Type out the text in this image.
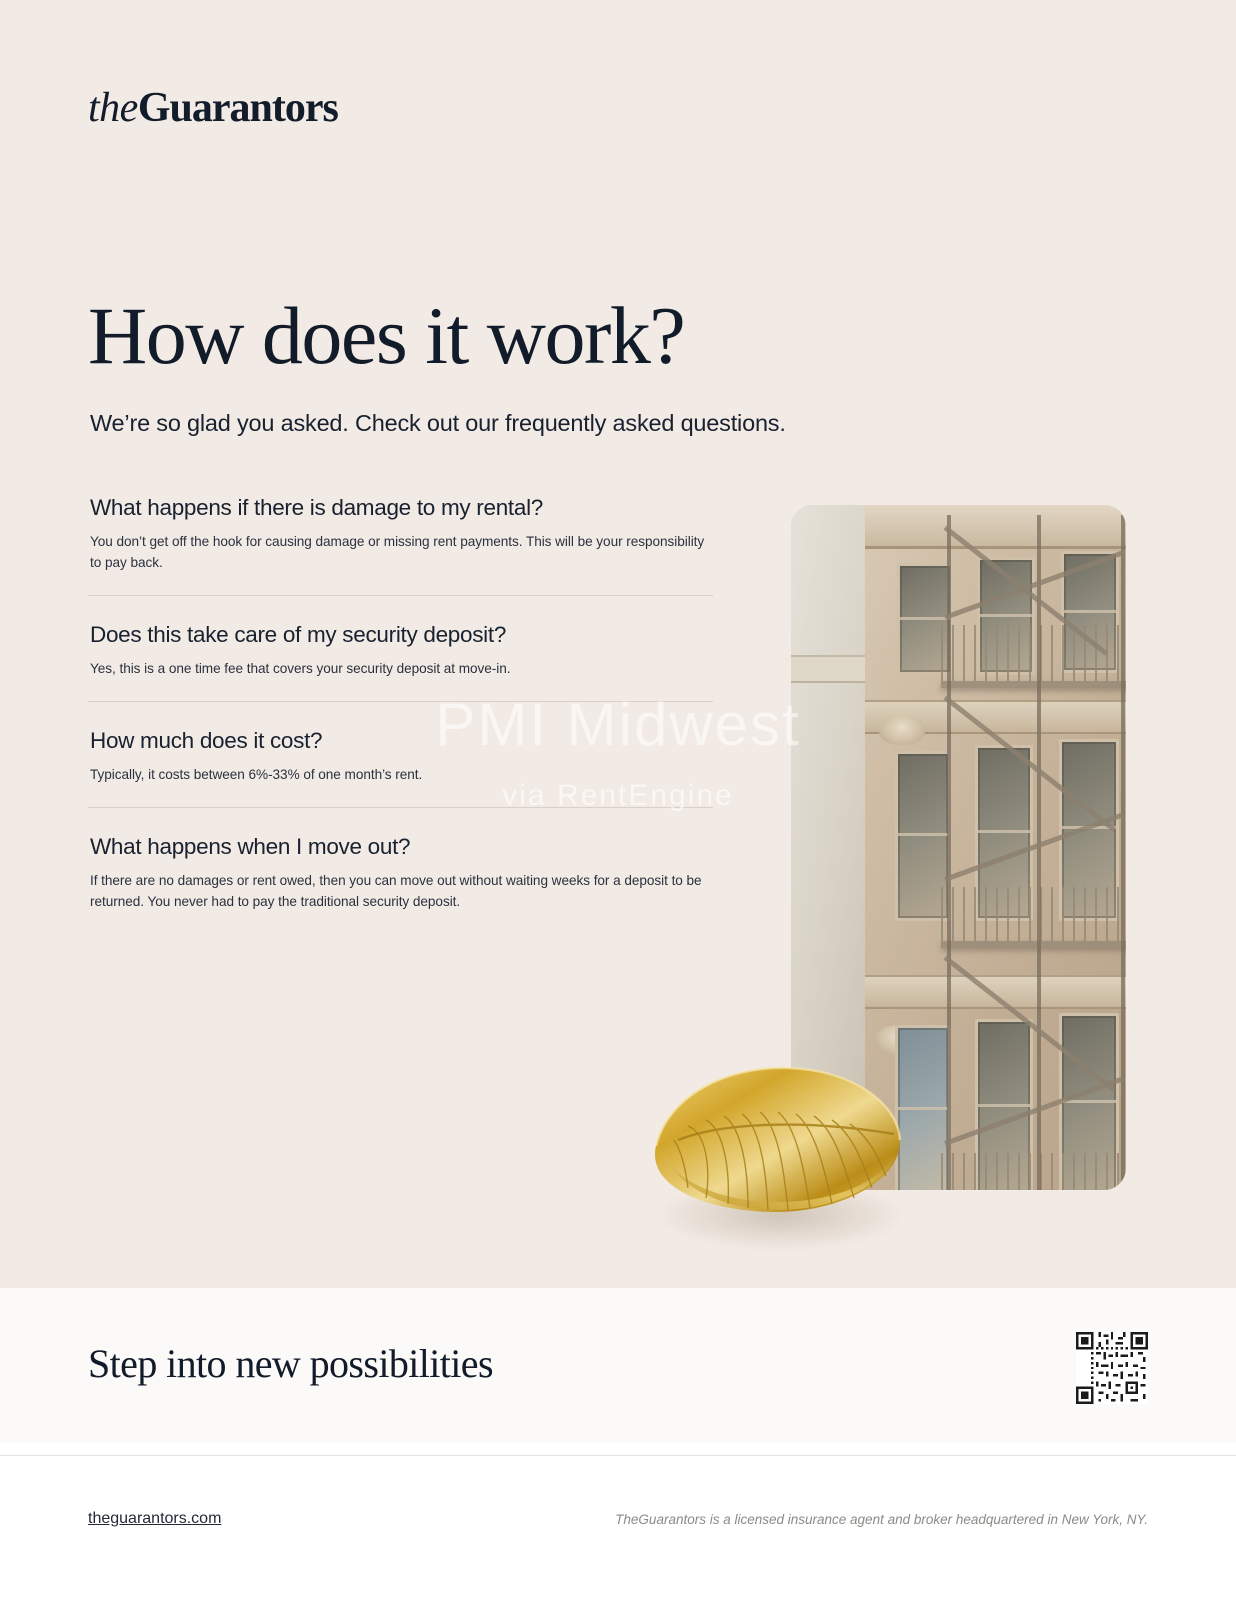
theGuarantors
How does it work?

We’re so glad you asked. Check out our frequently asked questions.

What happens if there is damage to my rental?

You don’t get off the hook for causing damage or missing rent payments. This will be your responsibility to pay back.

Does this take care of my security deposit?

Yes, this is a one time fee that covers your security deposit at move-in.

How much does it cost?

Typically, it costs between 6%-33% of one month’s rent.

What happens when I move out?

If there are no damages or rent owed, then you can move out without waiting weeks for a deposit to be returned. You never had to pay the traditional security deposit.

PMI Midwest
via RentEngine
Step into new possibilities
theguarantors.com	TheGuarantors is a licensed insurance agent and broker headquartered in New York, NY.
